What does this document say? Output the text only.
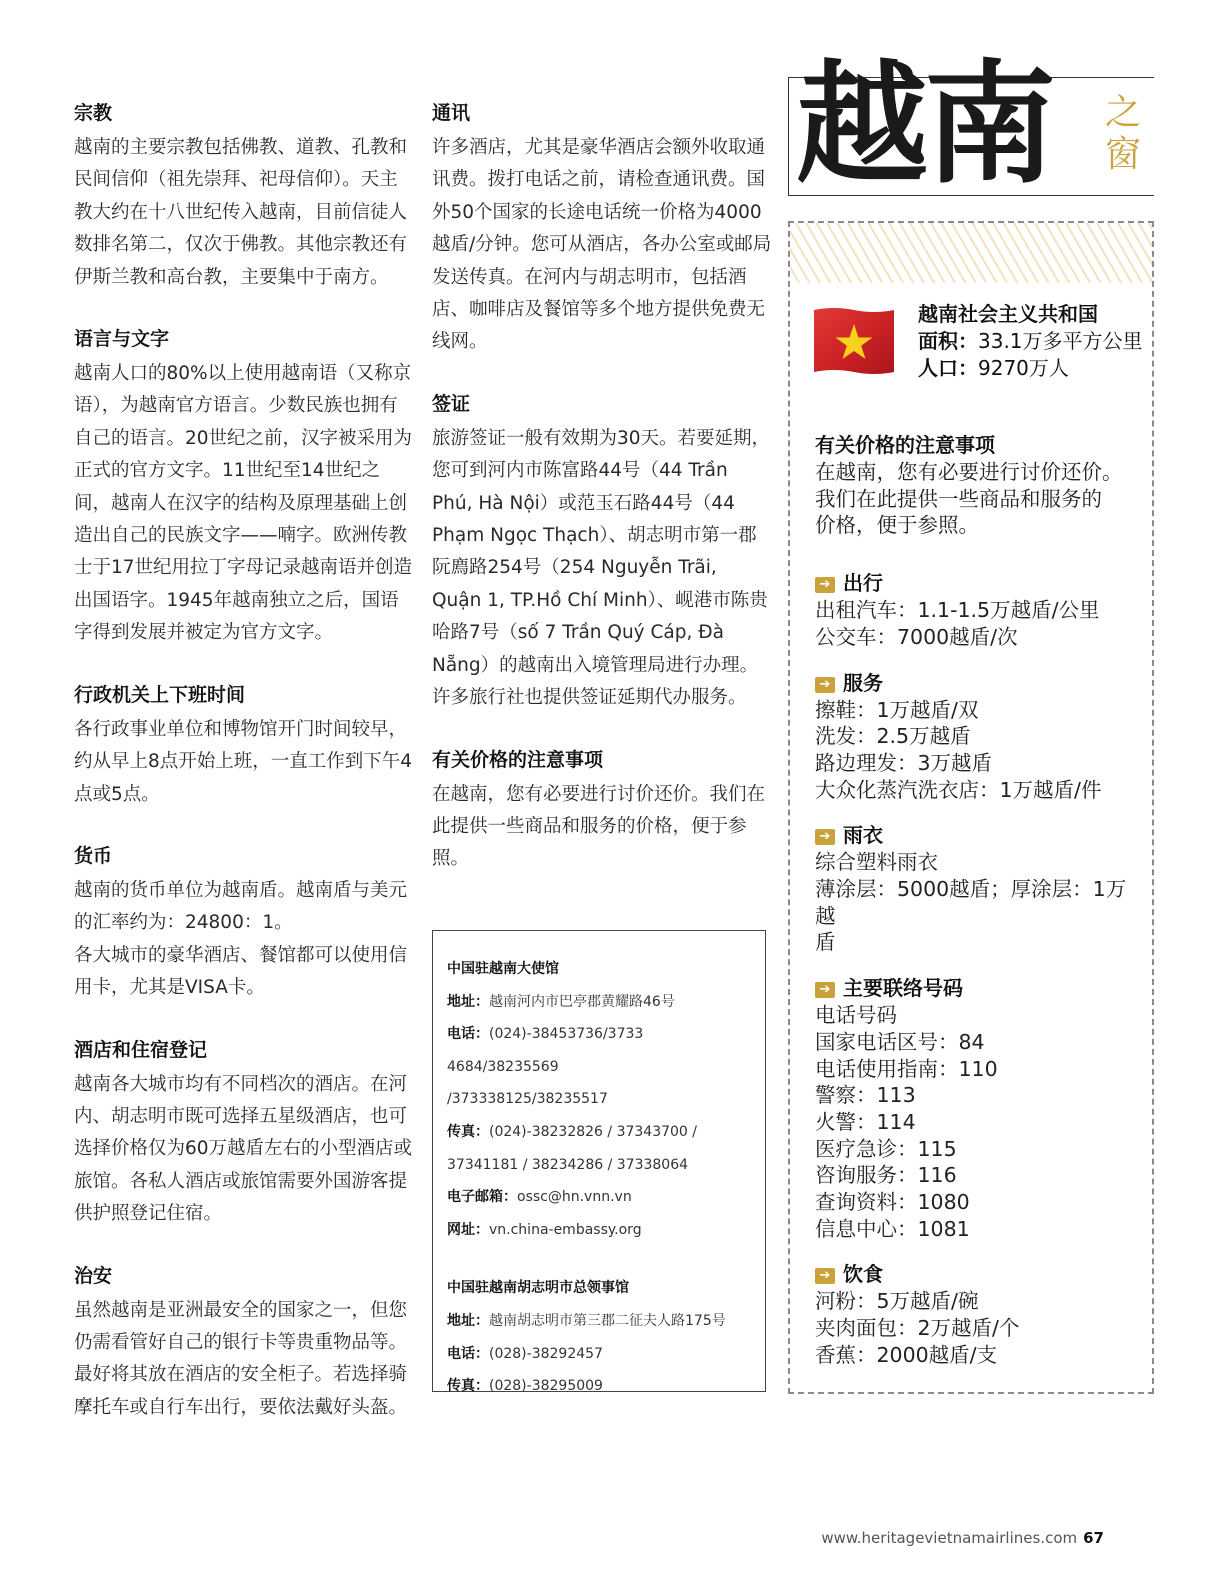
宗教

越南的主要宗教包括佛教、道教、孔教和民间信仰（祖先崇拜、祀母信仰）。天主教大约在十八世纪传入越南，目前信徒人数排名第二，仅次于佛教。其他宗教还有伊斯兰教和高台教，主要集中于南方。

语言与文字

越南人口的80%以上使用越南语（又称京语），为越南官方语言。少数民族也拥有自己的语言。20世纪之前，汉字被采用为正式的官方文字。11世纪至14世纪之间，越南人在汉字的结构及原理基础上创造出自己的民族文字——喃字。欧洲传教士于17世纪用拉丁字母记录越南语并创造出国语字。1945年越南独立之后，国语字得到发展并被定为官方文字。

行政机关上下班时间

各行政事业单位和博物馆开门时间较早，约从早上8点开始上班，一直工作到下午4点或5点。

货币

越南的货币单位为越南盾。越南盾与美元的汇率约为：24800：1。

各大城市的豪华酒店、餐馆都可以使用信用卡，尤其是VISA卡。

酒店和住宿登记

越南各大城市均有不同档次的酒店。在河内、胡志明市既可选择五星级酒店，也可选择价格仅为60万越盾左右的小型酒店或旅馆。各私人酒店或旅馆需要外国游客提供护照登记住宿。

治安

虽然越南是亚洲最安全的国家之一，但您仍需看管好自己的银行卡等贵重物品等。最好将其放在酒店的安全柜子。若选择骑摩托车或自行车出行，要依法戴好头盔。

通讯

许多酒店，尤其是豪华酒店会额外收取通讯费。拨打电话之前，请检查通讯费。国外50个国家的长途电话统一价格为4000越盾/分钟。您可从酒店，各办公室或邮局发送传真。在河内与胡志明市，包括酒店、咖啡店及餐馆等多个地方提供免费无线网。

签证

旅游签证一般有效期为30天。若要延期，您可到河内市陈富路44号（44 Trần Phú, Hà Nội）或范玉石路44号（44 Phạm Ngọc Thạch）、胡志明市第一郡阮廌路254号（254 Nguyễn Trãi, Quận 1, TP.Hồ Chí Minh）、岘港市陈贵哈路7号（số 7 Trần Quý Cáp, Đà Nẵng）的越南出入境管理局进行办理。许多旅行社也提供签证延期代办服务。

有关价格的注意事项

在越南，您有必要进行讨价还价。我们在此提供一些商品和服务的价格，便于参照。

中国驻越南大使馆
地址：越南河内市巴亭郡黄耀路46号
电话：(024)-38453736/3733 4684/38235569
/373338125/38235517
传真：(024)-38232826 / 37343700 /
37341181 / 38234286 / 37338064
电子邮箱：ossc@hn.vnn.vn
网址：vn.china-embassy.org
中国驻越南胡志明市总领事馆
地址：越南胡志明市第三郡二征夫人路175号
电话：(028)-38292457
传真：(028)-38295009
越南 之窗
越南社会主义共和国
面积：33.1万多平方公里
人口：9270万人
有关价格的注意事项
在越南，您有必要进行讨价还价。
我们在此提供一些商品和服务的
价格，便于参照。
➔ 出行
出租汽车：1.1-1.5万越盾/公里
公交车：7000越盾/次
➔ 服务
擦鞋：1万越盾/双
洗发：2.5万越盾
路边理发：3万越盾
大众化蒸汽洗衣店：1万越盾/件
➔ 雨衣
综合塑料雨衣
薄涂层：5000越盾；厚涂层：1万越
盾
➔ 主要联络号码
电话号码
国家电话区号：84
电话使用指南：110
警察：113
火警：114
医疗急诊：115
咨询服务：116
查询资料：1080
信息中心：1081
➔ 饮食
河粉：5万越盾/碗
夹肉面包：2万越盾/个
香蕉：2000越盾/支
www.heritagevietnamairlines.com 67
